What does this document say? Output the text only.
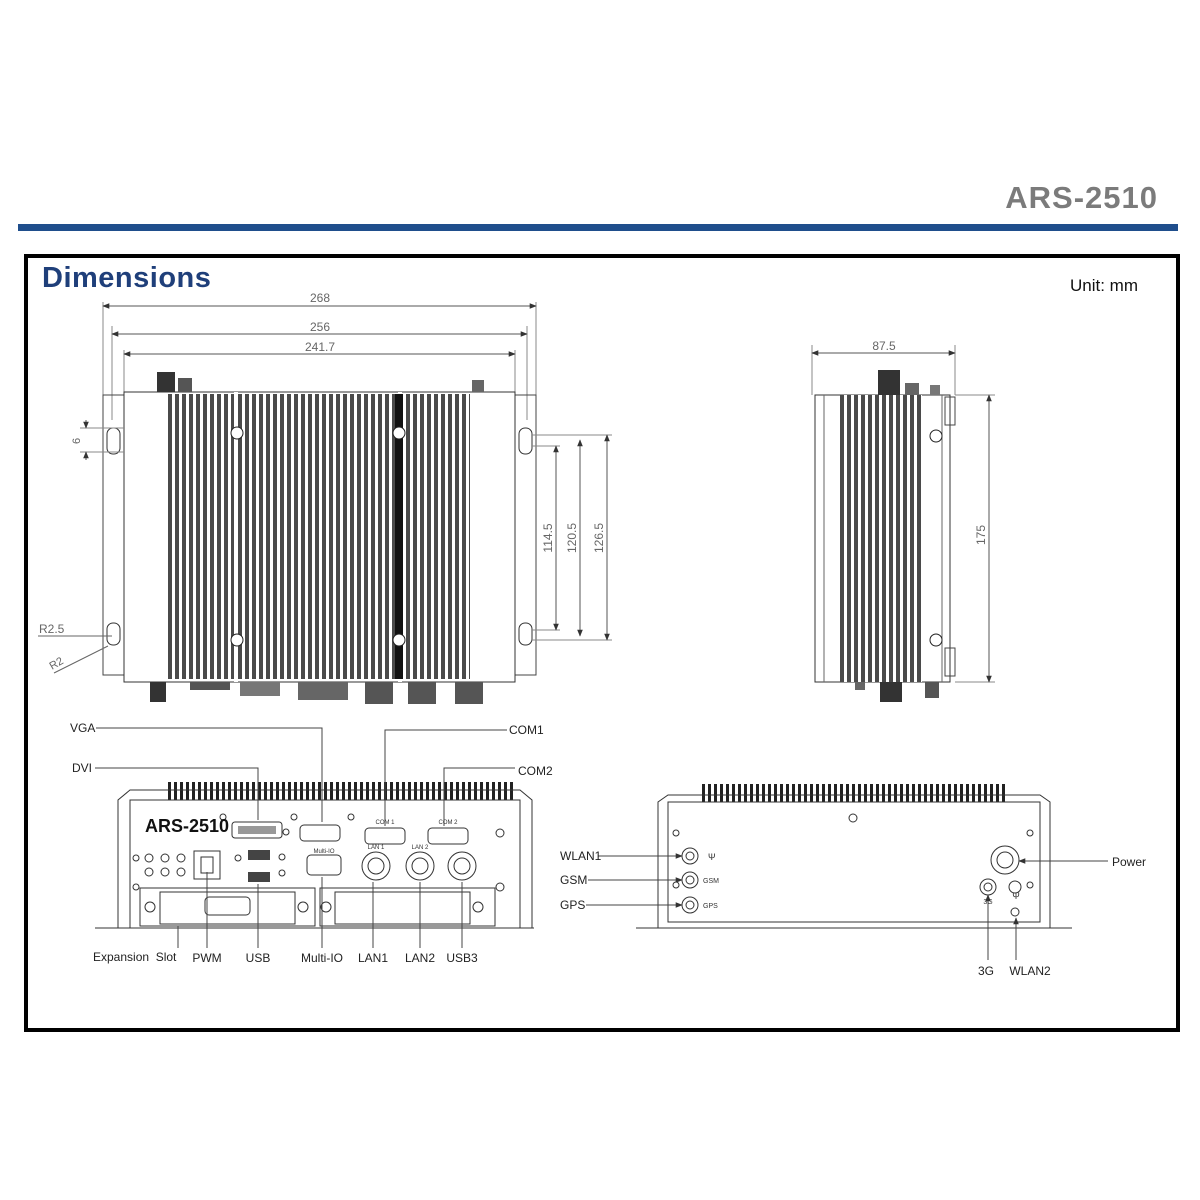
ARS-2510
Dimensions	Unit: mm
268
256
241.7
6
R2.5
R2
114.5 120.5 126.5
87.5
175
ARS-2510	COM 1	COM 2
LAN 1	LAN 2
Multi-IO
VGA
DVI
COM1
COM2
Expansion  Slot PWM USB	Multi-IO LAN1 LAN2 USB3
GSM
GPS
3G
Ψ
Ψ
WLAN1
GSM
GPS
Power
3G WLAN2
